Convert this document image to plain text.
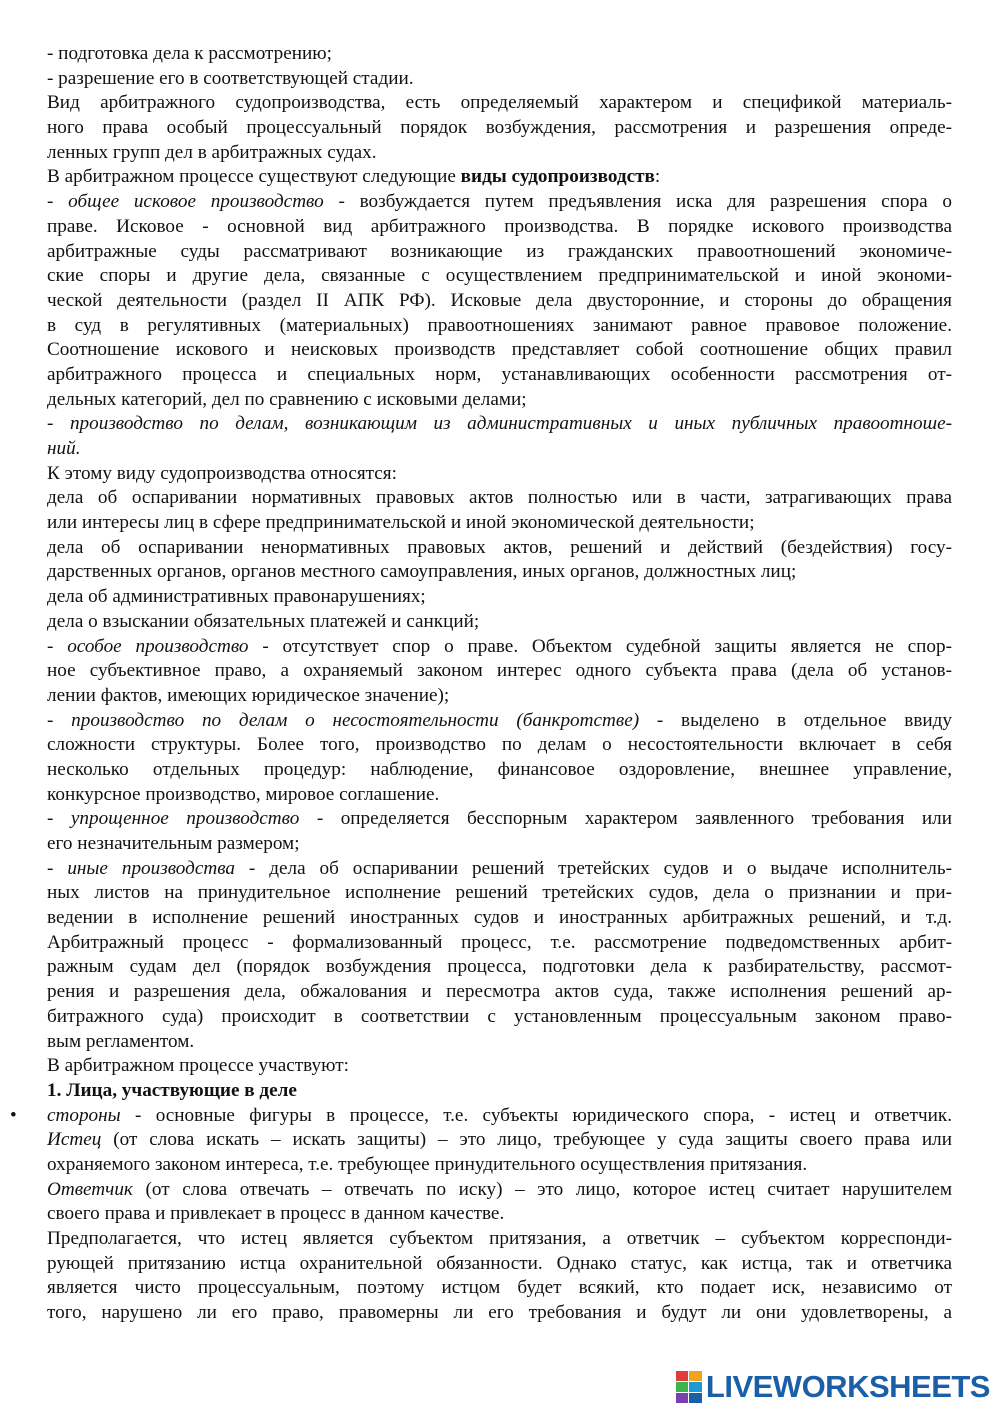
- подготовка дела к рассмотрению;
- разрешение его в соответствующей стадии.
Вид арбитражного судопроизводства, есть определяемый характером и спецификой материаль-
ного права особый процессуальный порядок возбуждения, рассмотрения и разрешения опреде-
ленных групп дел в арбитражных судах.
В арбитражном процессе существуют следующие виды судопроизводств:
- общее исковое производство - возбуждается путем предъявления иска для разрешения спора о
праве. Исковое - основной вид арбитражного производства. В порядке искового производства
арбитражные суды рассматривают возникающие из гражданских правоотношений экономиче-
ские споры и другие дела, связанные с осуществлением предпринимательской и иной экономи-
ческой деятельности (раздел II АПК РФ). Исковые дела двусторонние, и стороны до обращения
в суд в регулятивных (материальных) правоотношениях занимают равное правовое положение.
Соотношение искового и неисковых производств представляет собой соотношение общих правил
арбитражного процесса и специальных норм, устанавливающих особенности рассмотрения от-
дельных категорий, дел по сравнению с исковыми делами;
- производство по делам, возникающим из административных и иных публичных правоотноше-
ний.
К этому виду судопроизводства относятся:
дела об оспаривании нормативных правовых актов полностью или в части, затрагивающих права
или интересы лиц в сфере предпринимательской и иной экономической деятельности;
дела об оспаривании ненормативных правовых актов, решений и действий (бездействия) госу-
дарственных органов, органов местного самоуправления, иных органов, должностных лиц;
дела об административных правонарушениях;
дела о взыскании обязательных платежей и санкций;
- особое производство - отсутствует спор о праве. Объектом судебной защиты является не спор-
ное субъективное право, а охраняемый законом интерес одного субъекта права (дела об установ-
лении фактов, имеющих юридическое значение);
- производство по делам о несостоятельности (банкротстве) - выделено в отдельное ввиду
сложности структуры. Более того, производство по делам о несостоятельности включает в себя
несколько отдельных процедур: наблюдение, финансовое оздоровление, внешнее управление,
конкурсное производство, мировое соглашение.
- упрощенное производство - определяется бесспорным характером заявленного требования или
его незначительным размером;
- иные производства - дела об оспаривании решений третейских судов и о выдаче исполнитель-
ных листов на принудительное исполнение решений третейских судов, дела о признании и при-
ведении в исполнение решений иностранных судов и иностранных арбитражных решений, и т.д.
Арбитражный процесс - формализованный процесс, т.е. рассмотрение подведомственных арбит-
ражным судам дел (порядок возбуждения процесса, подготовки дела к разбирательству, рассмот-
рения и разрешения дела, обжалования и пересмотра актов суда, также исполнения решений ар-
битражного суда) происходит в соответствии с установленным процессуальным законом право-
вым регламентом.
В арбитражном процессе участвуют:
1. Лица, участвующие в деле
• стороны - основные фигуры в процессе, т.е. субъекты юридического спора, - истец и ответчик.
Истец (от слова искать – искать защиты) – это лицо, требующее у суда защиты своего права или
охраняемого законом интереса, т.е. требующее принудительного осуществления притязания.
Ответчик (от слова отвечать – отвечать по иску) – это лицо, которое истец считает нарушителем
своего права и привлекает в процесс в данном качестве.
Предполагается, что истец является субъектом притязания, а ответчик – субъектом корреспонди-
рующей притязанию истца охранительной обязанности. Однако статус, как истца, так и ответчика
является чисто процессуальным, поэтому истцом будет всякий, кто подает иск, независимо от
того, нарушено ли его право, правомерны ли его требования и будут ли они удовлетворены, а
LIVEWORKSHEETS
